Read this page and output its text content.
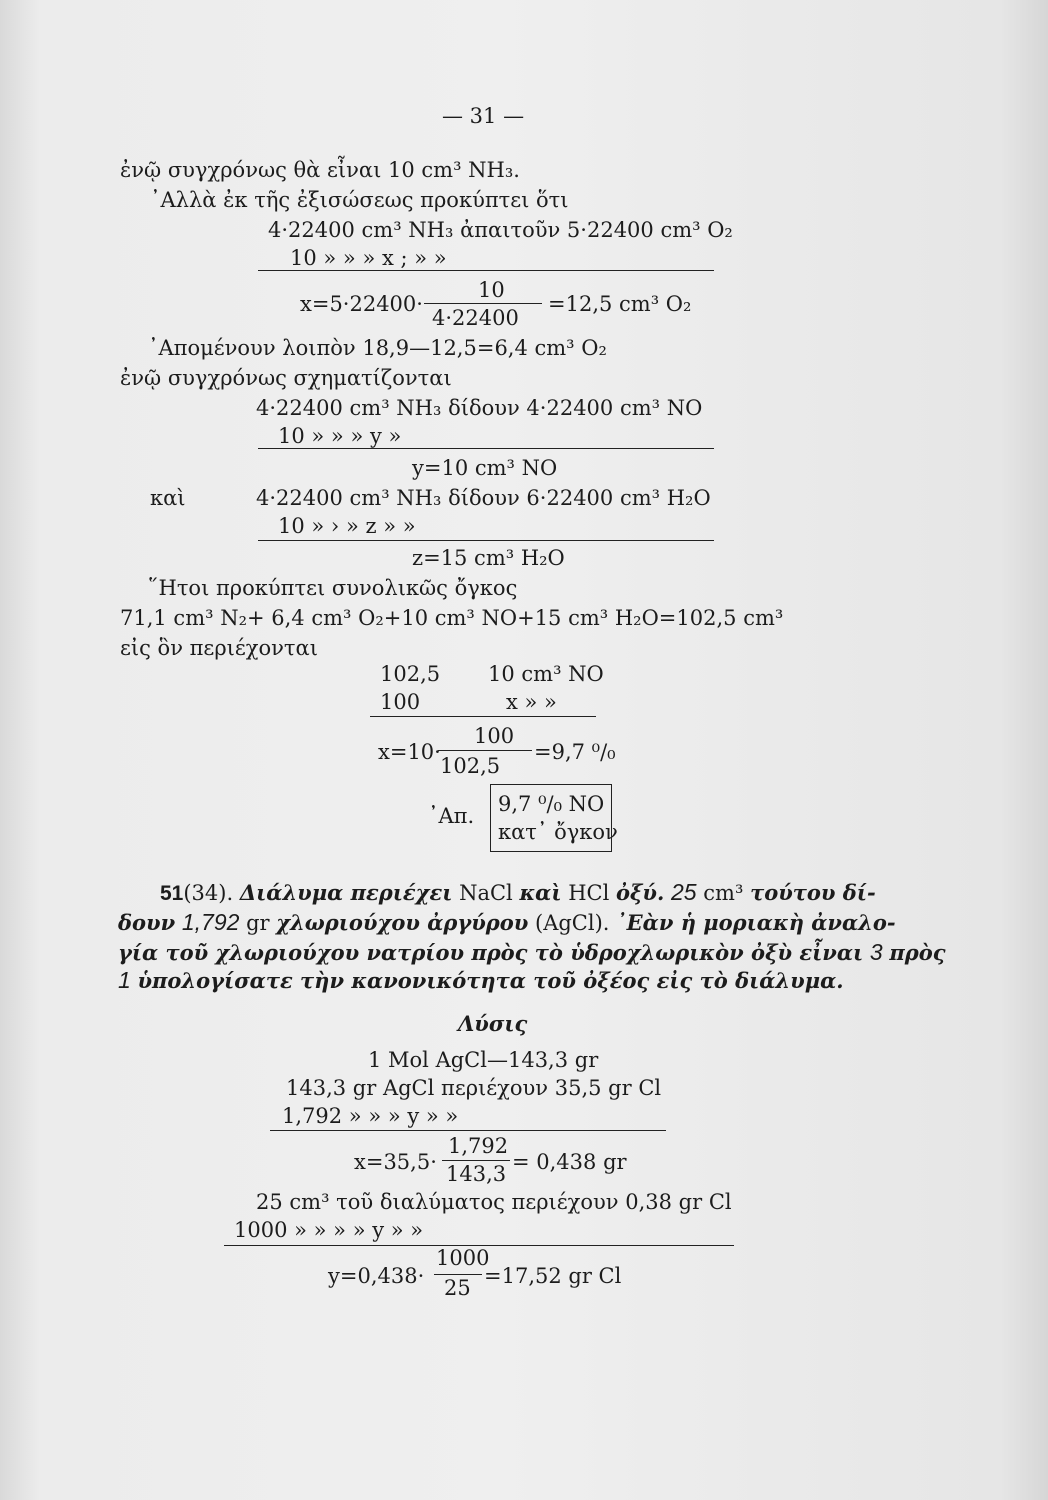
— 31 —
ἐνῷ συγχρόνως θὰ εἶναι 10 cm³ NH₃.
᾿Αλλὰ ἐκ τῆς ἐξισώσεως προκύπτει ὅτι
4·22400 cm³ NH₃ ἀπαιτοῦν 5·22400 cm³ O₂
10 » » » x ; » »
x=5·22400·
10
4·22400
=12,5 cm³ O₂
᾿Απομένουν λοιπὸν 18,9—12,5=6,4 cm³ O₂
ἐνῷ συγχρόνως σχηματίζονται
4·22400 cm³ NH₃ δίδουν 4·22400 cm³ NO
10 » » » y »
y=10 cm³ NO
καὶ	4·22400 cm³ NH₃ δίδουν 6·22400 cm³ H₂O
10 » › » z » »
z=15 cm³ H₂O
῞Ητοι προκύπτει συνολικῶς ὄγκος
71,1 cm³ N₂+ 6,4 cm³ O₂+10 cm³ NO+15 cm³ H₂O=102,5 cm³
εἰς ὃν περιέχονται
102,5 10 cm³ NO
100	x » »
x=10·
100
102,5
=9,7 ⁰/₀
᾿Απ. 9,7 ⁰/₀ NO
κατ᾿ ὄγκον
51(34). Διάλυμα περιέχει NaCl καὶ HCl ὀξύ. 25 cm³ τούτου δί-
δουν 1,792 gr χλωριούχου ἀργύρου (AgCl). ᾿Εὰν ἡ μοριακὴ ἀναλο-
γία τοῦ χλωριούχου νατρίου πρὸς τὸ ὑδροχλωρικὸν ὀξὺ εἶναι 3 πρὸς
1 ὑπολογίσατε τὴν κανονικότητα τοῦ ὀξέος εἰς τὸ διάλυμα.
Λύσις
1 Mol AgCl—143,3 gr
143,3 gr AgCl περιέχουν 35,5 gr Cl
1,792 » » » y » »
x=35,5·
1,792
143,3 = 0,438 gr
25 cm³ τοῦ διαλύματος περιέχουν 0,38 gr Cl
1000 » » » » y » »
y=0,438·
1000
25 =17,52 gr Cl
